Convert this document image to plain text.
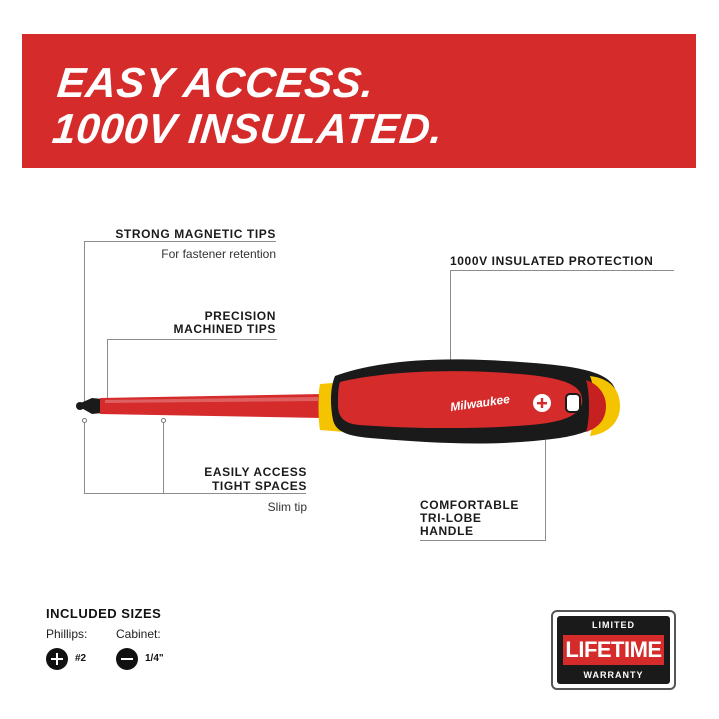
EASY ACCESS.
1000V INSULATED.
STRONG MAGNETIC TIPS
For fastener retention
PRECISION
MACHINED TIPS
EASILY ACCESS
TIGHT SPACES
Slim tip
1000V INSULATED PROTECTION
COMFORTABLE
TRI-LOBE
HANDLE
Milwaukee
INCLUDED SIZES
Phillips: Cabinet:
#2	1/4"
LIMITED
LIFETIME
WARRANTY
